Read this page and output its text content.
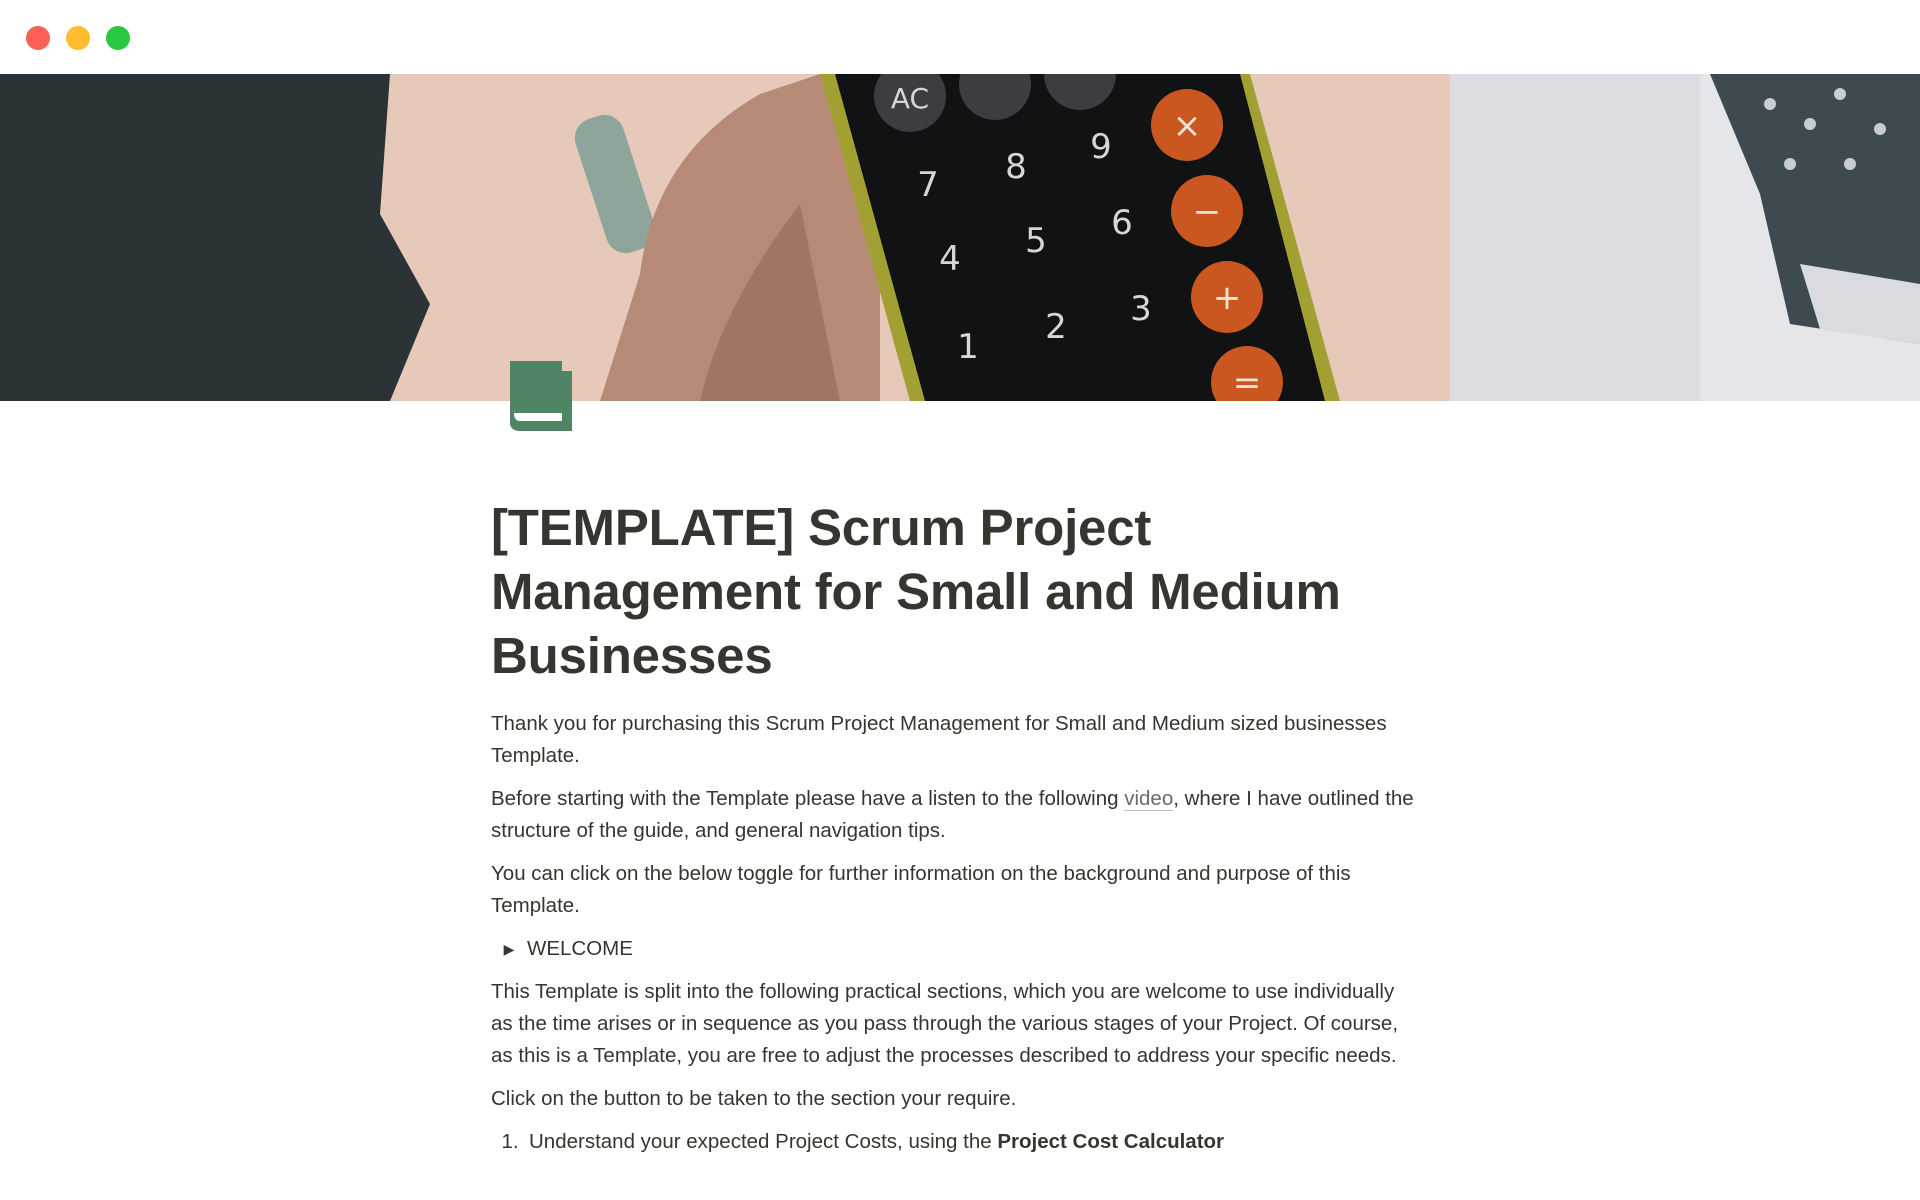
AC
×
7 8 9
−
4 5 6
+
1 2 3
=
[TEMPLATE] Scrum Project Management for Small and Medium Businesses

Thank you for purchasing this Scrum Project Management for Small and Medium sized businesses Template.

Before starting with the Template please have a listen to the following video, where I have outlined the structure of the guide, and general navigation tips.

You can click on the below toggle for further information on the background and purpose of this Template.

▶ WELCOME

This Template is split into the following practical sections, which you are welcome to use individually as the time arises or in sequence as you pass through the various stages of your Project. Of course, as this is a Template, you are free to adjust the processes described to address your specific needs.

Click on the button to be taken to the section your require.

1. Understand your expected Project Costs, using the Project Cost Calculator
